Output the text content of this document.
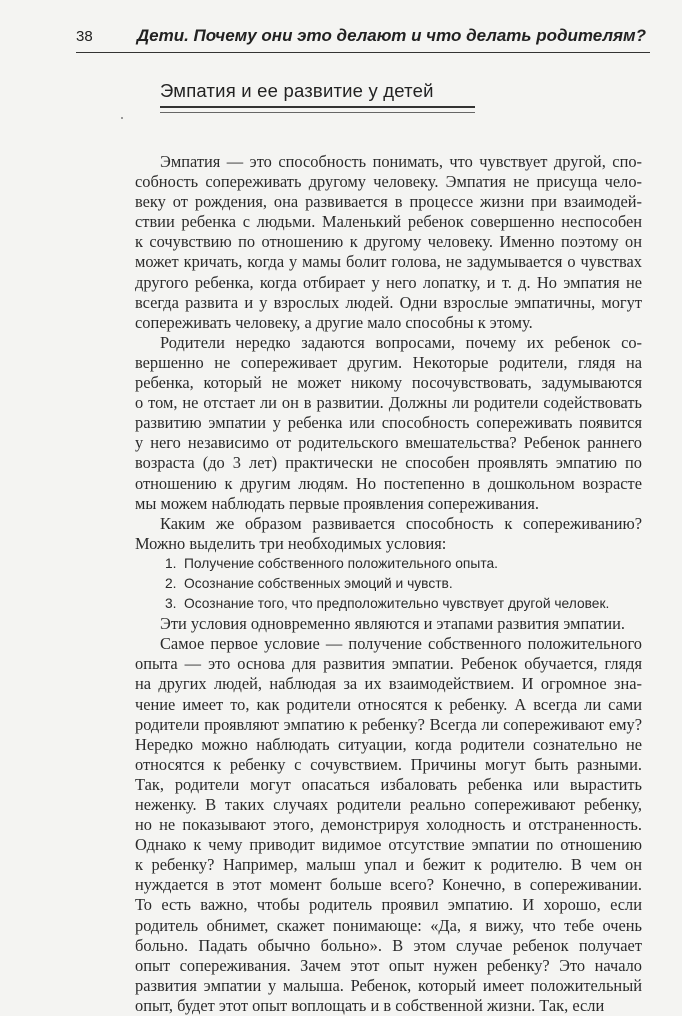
38	Дети. Почему они это делают и что делать родителям?
Эмпатия и ее развитие у детей
Эмпатия — это способность понимать, что чувствует другой, спо-
собность сопереживать другому человеку. Эмпатия не присуща чело-
веку от рождения, она развивается в процессе жизни при взаимодей-
ствии ребенка с людьми. Маленький ребенок совершенно неспособен
к сочувствию по отношению к другому человеку. Именно поэтому он
может кричать, когда у мамы болит голова, не задумывается о чувствах
другого ребенка, когда отбирает у него лопатку, и т. д. Но эмпатия не
всегда развита и у взрослых людей. Одни взрослые эмпатичны, могут
сопереживать человеку, а другие мало способны к этому.
Родители нередко задаются вопросами, почему их ребенок со-
вершенно не сопереживает другим. Некоторые родители, глядя на
ребенка, который не может никому посочувствовать, задумываются
о том, не отстает ли он в развитии. Должны ли родители содействовать
развитию эмпатии у ребенка или способность сопереживать появится
у него независимо от родительского вмешательства? Ребенок раннего
возраста (до 3 лет) практически не способен проявлять эмпатию по
отношению к другим людям. Но постепенно в дошкольном возрасте
мы можем наблюдать первые проявления сопереживания.
Каким же образом развивается способность к сопереживанию?
Можно выделить три необходимых условия:
1. Получение собственного положительного опыта.
2. Осознание собственных эмоций и чувств.
3. Осознание того, что предположительно чувствует другой человек.
Эти условия одновременно являются и этапами развития эмпатии.
Самое первое условие — получение собственного положительного
опыта — это основа для развития эмпатии. Ребенок обучается, глядя
на других людей, наблюдая за их взаимодействием. И огромное зна-
чение имеет то, как родители относятся к ребенку. А всегда ли сами
родители проявляют эмпатию к ребенку? Всегда ли сопереживают ему?
Нередко можно наблюдать ситуации, когда родители сознательно не
относятся к ребенку с сочувствием. Причины могут быть разными.
Так, родители могут опасаться избаловать ребенка или вырастить
неженку. В таких случаях родители реально сопереживают ребенку,
но не показывают этого, демонстрируя холодность и отстраненность.
Однако к чему приводит видимое отсутствие эмпатии по отношению
к ребенку? Например, малыш упал и бежит к родителю. В чем он
нуждается в этот момент больше всего? Конечно, в сопереживании.
То есть важно, чтобы родитель проявил эмпатию. И хорошо, если
родитель обнимет, скажет понимающе: «Да, я вижу, что тебе очень
больно. Падать обычно больно». В этом случае ребенок получает
опыт сопереживания. Зачем этот опыт нужен ребенку? Это начало
развития эмпатии у малыша. Ребенок, который имеет положительный
опыт, будет этот опыт воплощать и в собственной жизни. Так, если
